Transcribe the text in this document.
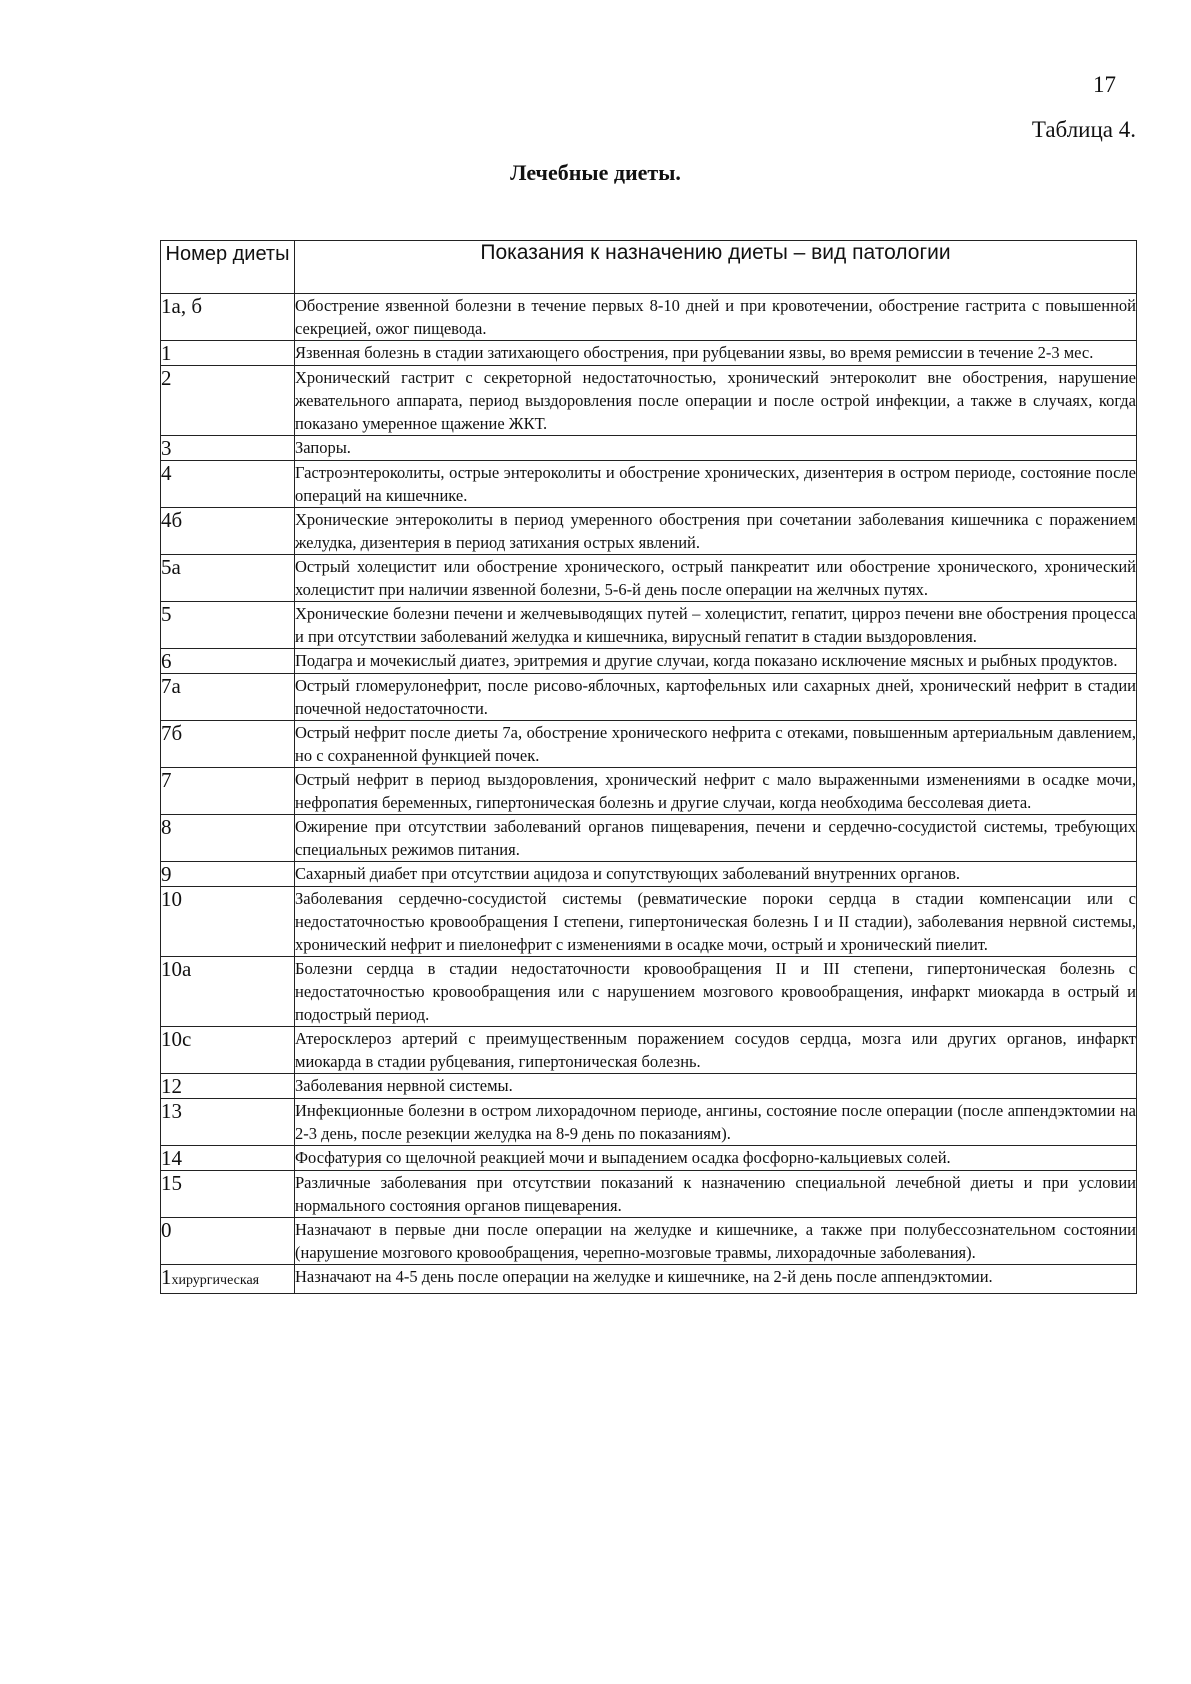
17
Таблица 4.
Лечебные диеты.
Номер диеты	Показания к назначению диеты – вид патологии
1а, б	Обострение язвенной болезни в течение первых 8-10 дней и при кровотечении, обострение гастрита с повышенной секрецией, ожог пищевода.
1	Язвенная болезнь в стадии затихающего обострения, при рубцевании язвы, во время ремиссии в течение 2-3 мес.
2	Хронический гастрит с секреторной недостаточностью, хронический энтероколит вне обострения, нарушение жевательного аппарата, период выздоровления после операции и после острой инфекции, а также в случаях, когда показано умеренное щажение ЖКТ.
3	Запоры.
4	Гастроэнтероколиты, острые энтероколиты и обострение хронических, дизентерия в остром периоде, состояние после операций на кишечнике.
4б	Хронические энтероколиты в период умеренного обострения при сочетании заболевания кишечника с поражением желудка, дизентерия в период затихания острых явлений.
5а	Острый холецистит или обострение хронического, острый панкреатит или обострение хронического, хронический холецистит при наличии язвенной болезни, 5-6-й день после операции на желчных путях.
5	Хронические болезни печени и желчевыводящих путей – холецистит, гепатит, цирроз печени вне обострения процесса и при отсутствии заболеваний желудка и кишечника, вирусный гепатит в стадии выздоровления.
6	Подагра и мочекислый диатез, эритремия и другие случаи, когда показано исключение мясных и рыбных продуктов.
7а	Острый гломерулонефрит, после рисово-яблочных, картофельных или сахарных дней, хронический нефрит в стадии почечной недостаточности.
7б	Острый нефрит после диеты 7а, обострение хронического нефрита с отеками, повышенным артериальным давлением, но с сохраненной функцией почек.
7	Острый нефрит в период выздоровления, хронический нефрит с мало выраженными изменениями в осадке мочи, нефропатия беременных, гипертоническая болезнь и другие случаи, когда необходима бессолевая диета.
8	Ожирение при отсутствии заболеваний органов пищеварения, печени и сердечно-сосудистой системы, требующих специальных режимов питания.
9	Сахарный диабет при отсутствии ацидоза и сопутствующих заболеваний внутренних органов.
10	Заболевания сердечно-сосудистой системы (ревматические пороки сердца в стадии компенсации или с недостаточностью кровообращения I степени, гипертоническая болезнь I и II стадии), заболевания нервной системы, хронический нефрит и пиелонефрит с изменениями в осадке мочи, острый и хронический пиелит.
10а	Болезни сердца в стадии недостаточности кровообращения II и III степени, гипертоническая болезнь с недостаточностью кровообращения или с нарушением мозгового кровообращения, инфаркт миокарда в острый и подострый период.
10с	Атеросклероз артерий с преимущественным поражением сосудов сердца, мозга или других органов, инфаркт миокарда в стадии рубцевания, гипертоническая болезнь.
12	Заболевания нервной системы.
13	Инфекционные болезни в остром лихорадочном периоде, ангины, состояние после операции (после аппендэктомии на 2-3 день, после резекции желудка на 8-9 день по показаниям).
14	Фосфатурия со щелочной реакцией мочи и выпадением осадка фосфорно-кальциевых солей.
15	Различные заболевания при отсутствии показаний к назначению специальной лечебной диеты и при условии нормального состояния органов пищеварения.
0	Назначают в первые дни после операции на желудке и кишечнике, а также при полубессознательном состоянии (нарушение мозгового кровообращения, черепно-мозговые травмы, лихорадочные заболевания).
1хирургическая	Назначают на 4-5 день после операции на желудке и кишечнике, на 2-й день после аппендэктомии.
